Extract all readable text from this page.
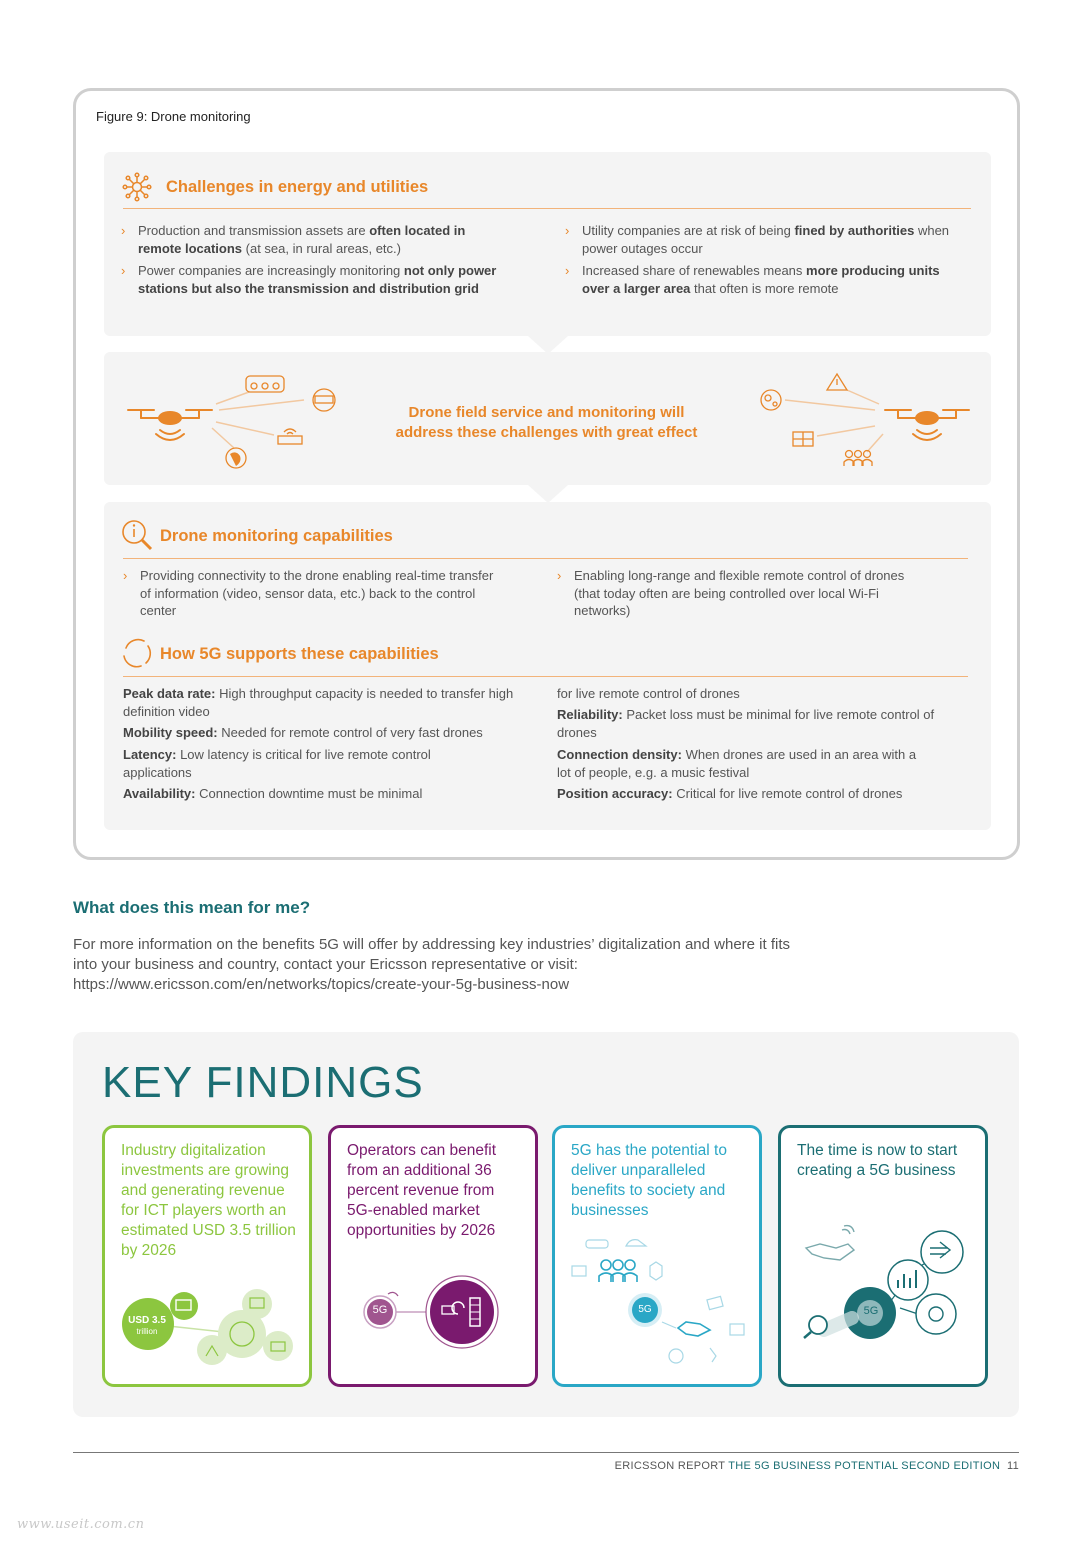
Figure 9: Drone monitoring
Challenges in energy and utilities
› Production and transmission assets are often located in remote locations (at sea, in rural areas, etc.)
› Power companies are increasingly monitoring not only power stations but also the transmission and distribution grid
› Utility companies are at risk of being fined by authorities when power outages occur
› Increased share of renewables means more producing units over a larger area that often is more remote
Drone field service and monitoring will
address these challenges with great effect
Drone monitoring capabilities
› Providing connectivity to the drone enabling real-time transfer of information (video, sensor data, etc.) back to the control center
› Enabling long-range and flexible remote control of drones (that today often are being controlled over local Wi-Fi networks)
How 5G supports these capabilities
Peak data rate: High throughput capacity is needed to transfer high definition video
Mobility speed: Needed for remote control of very fast drones
Latency: Low latency is critical for live remote control applications
Availability: Connection downtime must be minimal
for live remote control of drones
Reliability: Packet loss must be minimal for live remote control of drones
Connection density: When drones are used in an area with a lot of people, e.g. a music festival
Position accuracy: Critical for live remote control of drones
What does this mean for me?
For more information on the benefits 5G will offer by addressing key industries’ digitalization and where it fits into your business and country, contact your Ericsson representative or visit: https://www.ericsson.com/en/networks/topics/create-your-5g-business-now
KEY FINDINGS
Industry digitalization investments are growing and generating revenue for ICT players worth an estimated USD 3.5 trillion by 2026
USD 3.5
trillion
Operators can benefit from an additional 36 percent revenue from 5G-enabled market opportunities by 2026
5G
5G has the potential to deliver unparalleled benefits to society and businesses
5G
The time is now to start creating a 5G business
5G
ERICSSON REPORT THE 5G BUSINESS POTENTIAL SECOND EDITION 11
www.useit.com.cn
